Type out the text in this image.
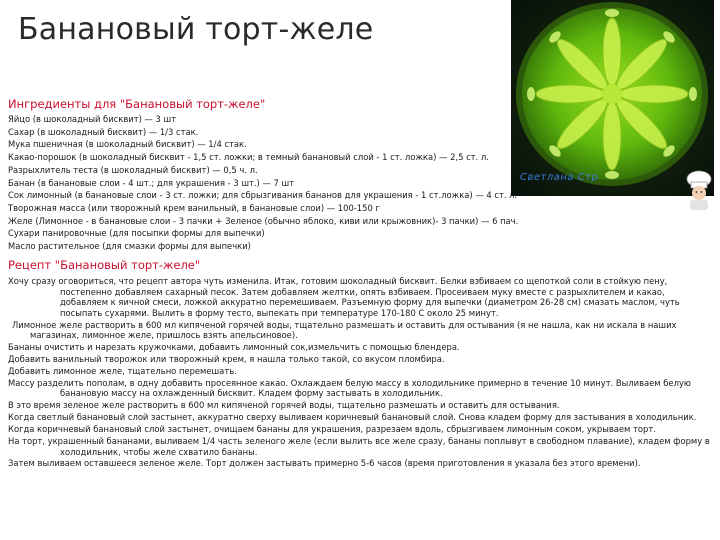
Банановый торт-желе
Светлана Стр
Ингредиенты для "Банановый торт-желе"
Яйцо (в шоколадный бисквит) — 3 шт
Сахар (в шоколадный бисквит) — 1/3 стак.
Мука пшеничная (в шоколадный бисквит) — 1/4 стак.
Какао-порошок (в шоколадный бисквит - 1,5 ст. ложки; в темный банановый слой - 1 ст. ложка) — 2,5 ст. л.
Разрыхлитель теста (в шоколадный бисквит) — 0,5 ч. л.
Банан (в банановые слои - 4 шт.; для украшения - 3 шт.) — 7 шт
Сок лимонный (в банановые слои - 3 ст. ложки; для сбрызгивания бананов для украшения - 1 ст.ложка) — 4 ст. л.
Творожная масса (или творожный крем ванильный, в банановые слои) — 100-150 г
Желе (Лимонное - в банановые слои - 3 пачки + Зеленое (обычно яблоко, киви или крыжовник)- 3 пачки) — 6 пач.
Сухари панировочные (для посыпки формы для выпечки)
Масло растительное (для смазки формы для выпечки)
Рецепт "Банановый торт-желе"
Хочу сразу оговориться, что рецепт автора чуть изменила. Итак, готовим шоколадный бисквит. Белки взбиваем со щепоткой соли в стойкую пену, постепенно добавляем сахарный песок. Затем добавляем желтки, опять взбиваем. Просеиваем муку вместе с разрыхлителем и какао, добавляем к яичной смеси, ложкой аккуратно перемешиваем. Разъемную форму для выпечки (диаметром 26-28 см) смазать маслом, чуть посыпать сухарями. Вылить в форму тесто, выпекать при температуре 170-180 С около 25 минут.
Лимонное желе растворить в 600 мл кипяченой горячей воды, тщательно размешать и оставить для остывания (я не нашла, как ни искала в наших магазинах, лимонное желе, пришлось взять апельсиновое).
Бананы очистить и нарезать кружочками, добавить лимонный сок,измельчить с помощью блендера.
Добавить ванильный творожок или творожный крем, я нашла только такой, со вкусом пломбира.
Добавить лимонное желе, тщательно перемешать.
Массу разделить пополам, в одну добавить просеянное какао. Охлаждаем белую массу в холодильнике примерно в течение 10 минут. Выливаем белую банановую массу на охлажденный бисквит. Кладем форму застывать в холодильник.
В это время зеленое желе растворить в 600 мл кипяченой горячей воды, тщательно размешать и оставить для остывания.
Когда светлый банановый слой застынет, аккуратно сверху выливаем коричневый банановый слой. Снова кладем форму для застывания в холодильник.
Когда коричневый банановый слой застынет, очищаем бананы для украшения, разрезаем вдоль, сбрызгиваем лимонным соком, укрываем торт.
На торт, украшенный бананами, выливаем 1/4 часть зеленого желе (если вылить все желе сразу, бананы поплывут в свободном плавание), кладем форму в холодильник, чтобы желе схватило бананы.
Затем выливаем оставшееся зеленое желе. Торт должен застывать примерно 5-6 часов (время приготовления я указала без этого времени).
